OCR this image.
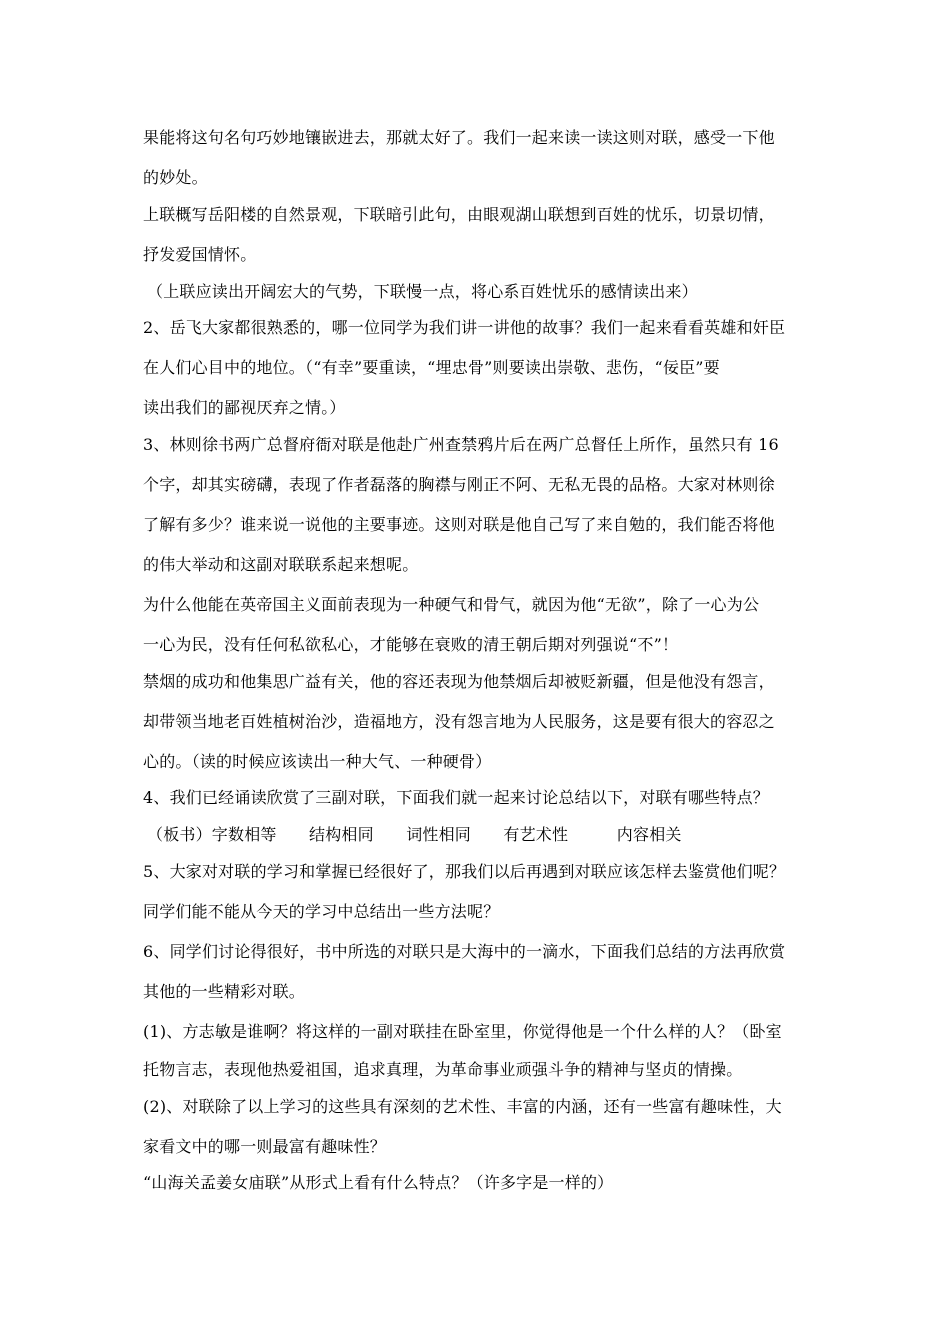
果能将这句名句巧妙地镶嵌进去，那就太好了。我们一起来读一读这则对联，感受一下他
的妙处。
上联概写岳阳楼的自然景观，下联暗引此句，由眼观湖山联想到百姓的忧乐，切景切情，
抒发爱国情怀。
（上联应读出开阔宏大的气势，下联慢一点，将心系百姓忧乐的感情读出来）
2、岳飞大家都很熟悉的，哪一位同学为我们讲一讲他的故事？我们一起来看看英雄和奸臣
在人们心目中的地位。（“有幸”要重读，“埋忠骨”则要读出崇敬、悲伤，“佞臣”要
读出我们的鄙视厌弃之情。）
3、林则徐书两广总督府衙对联是他赴广州查禁鸦片后在两广总督任上所作，虽然只有 16
个字，却其实磅礴，表现了作者磊落的胸襟与刚正不阿、无私无畏的品格。大家对林则徐
了解有多少？谁来说一说他的主要事迹。这则对联是他自己写了来自勉的，我们能否将他
的伟大举动和这副对联联系起来想呢。
为什么他能在英帝国主义面前表现为一种硬气和骨气，就因为他“无欲”，除了一心为公
一心为民，没有任何私欲私心，才能够在衰败的清王朝后期对列强说“不”！
禁烟的成功和他集思广益有关，他的容还表现为他禁烟后却被贬新疆，但是他没有怨言，
却带领当地老百姓植树治沙，造福地方，没有怨言地为人民服务，这是要有很大的容忍之
心的。（读的时候应该读出一种大气、一种硬骨）
4、我们已经诵读欣赏了三副对联，下面我们就一起来讨论总结以下，对联有哪些特点？
（板书）字数相等　　结构相同　　词性相同　　有艺术性　　　内容相关
5、大家对对联的学习和掌握已经很好了，那我们以后再遇到对联应该怎样去鉴赏他们呢？
同学们能不能从今天的学习中总结出一些方法呢？
6、同学们讨论得很好，书中所选的对联只是大海中的一滴水，下面我们总结的方法再欣赏
其他的一些精彩对联。
(1)、方志敏是谁啊？将这样的一副对联挂在卧室里，你觉得他是一个什么样的人？（卧室
托物言志，表现他热爱祖国，追求真理，为革命事业顽强斗争的精神与坚贞的情操。
(2)、对联除了以上学习的这些具有深刻的艺术性、丰富的内涵，还有一些富有趣味性，大
家看文中的哪一则最富有趣味性？
“山海关孟姜女庙联”从形式上看有什么特点？（许多字是一样的）
